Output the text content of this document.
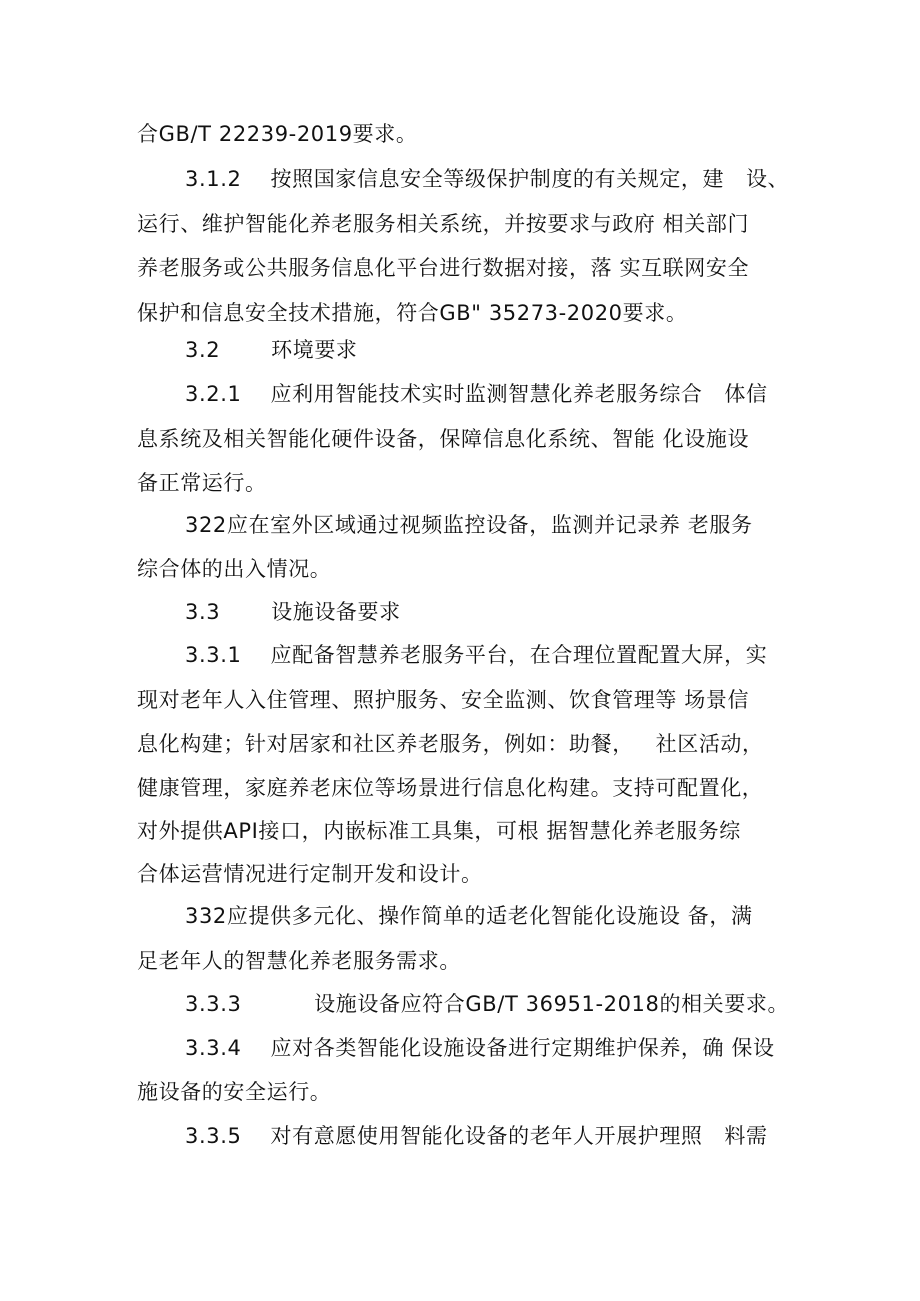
合GB/T 22239-2019要求。
3.1.2    按照国家信息安全等级保护制度的有关规定，建   设、
运行、维护智能化养老服务相关系统，并按要求与政府 相关部门
养老服务或公共服务信息化平台进行数据对接，落 实互联网安全
保护和信息安全技术措施，符合GB" 35273-2020要求。
3.2       环境要求
3.2.1    应利用智能技术实时监测智慧化养老服务综合   体信
息系统及相关智能化硬件设备，保障信息化系统、智能 化设施设
备正常运行。
322应在室外区域通过视频监控设备，监测并记录养 老服务
综合体的出入情况。
3.3       设施设备要求
3.3.1    应配备智慧养老服务平台，在合理位置配置大屏，实
现对老年人入住管理、照护服务、安全监测、饮食管理等 场景信
息化构建；针对居家和社区养老服务，例如：助餐，   社区活动，
健康管理，家庭养老床位等场景进行信息化构建。支持可配置化，
对外提供API接口，内嵌标准工具集，可根 据智慧化养老服务综
合体运营情况进行定制开发和设计。
332应提供多元化、操作简单的适老化智能化设施设 备，满
足老年人的智慧化养老服务需求。
3.3.3          设施设备应符合GB/T 36951-2018的相关要求。
3.3.4    应对各类智能化设施设备进行定期维护保养，确 保设
施设备的安全运行。
3.3.5    对有意愿使用智能化设备的老年人开展护理照   料需
